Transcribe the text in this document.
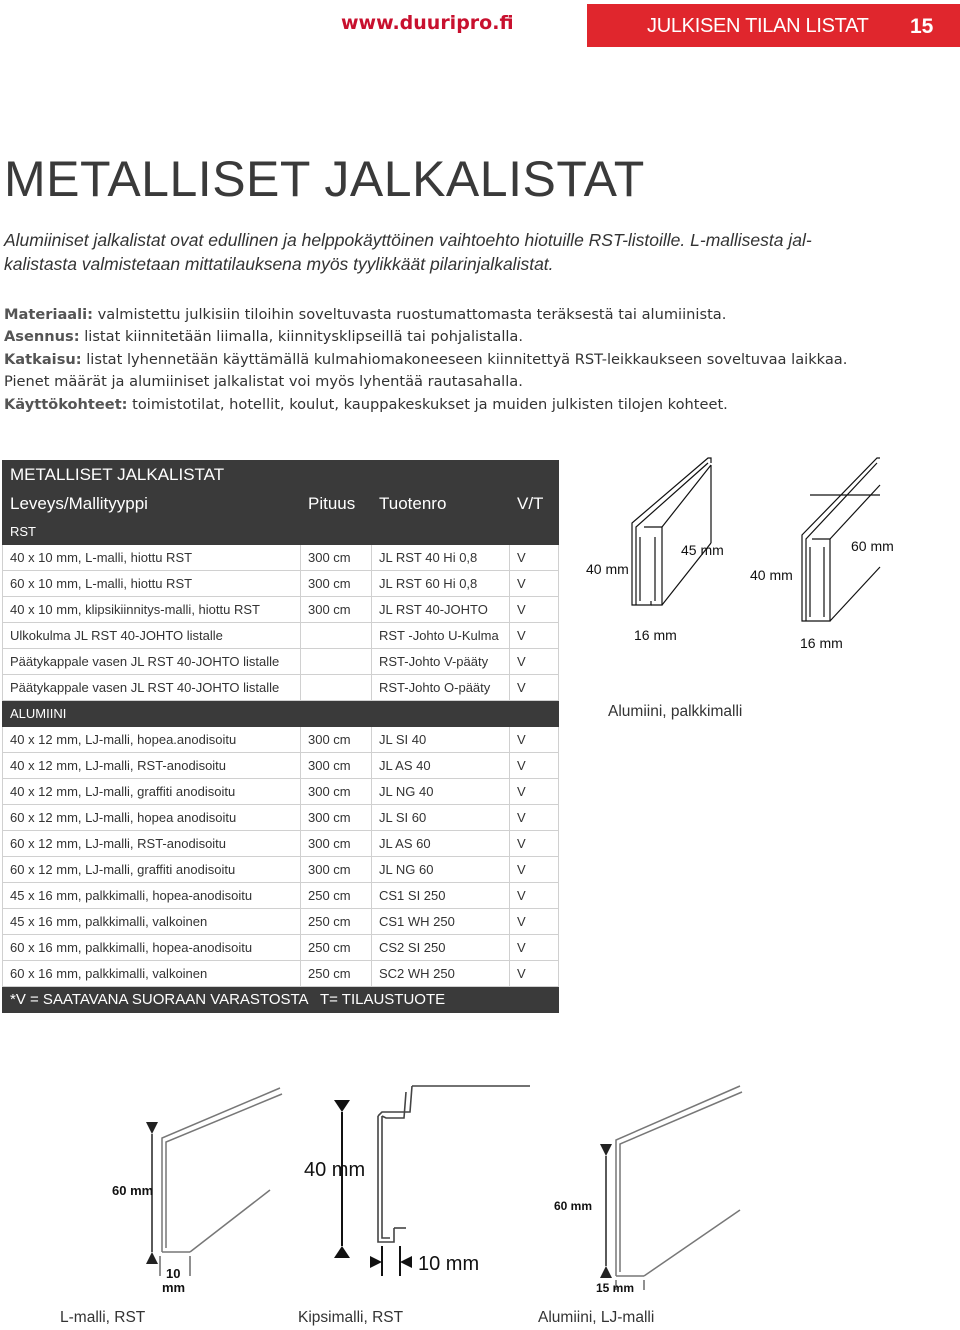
www.duuripro.fi	JULKISEN TILAN LISTAT 15
METALLISET JALKALISTAT
Alumiiniset jalkalistat ovat edullinen ja helppokäyttöinen vaihtoehto hiotuille RST-listoille. L-mallisesta jal-
kalistasta valmistetaan mittatilauksena myös tyylikkäät pilarinjalkalistat.
Materiaali: valmistettu julkisiin tiloihin soveltuvasta ruostumattomasta teräksestä tai alumiinista.
Asennus: listat kiinnitetään liimalla, kiinnitysklipseillä tai pohjalistalla.
Katkaisu: listat lyhennetään käyttämällä kulmahiomakoneeseen kiinnitettyä RST-leikkaukseen soveltuvaa laikkaa.
Pienet määrät ja alumiiniset jalkalistat voi myös lyhentää rautasahalla.
Käyttökohteet: toimistotilat, hotellit, koulut, kauppakeskukset ja muiden julkisten tilojen kohteet.
METALLISET JALKALISTAT			
Leveys/Mallityyppi	Pituus	Tuotenro	V/T
RST			
40 x 10 mm, L-malli, hiottu RST	300 cm	JL RST 40 Hi 0,8	V
60 x 10 mm, L-malli, hiottu RST	300 cm	JL RST 60 Hi 0,8	V
40 x 10 mm, klipsikiinnitys-malli, hiottu RST	300 cm	JL RST 40-JOHTO	V
Ulkokulma JL RST 40-JOHTO listalle		RST -Johto U-Kulma	V
Päätykappale vasen JL RST 40-JOHTO listalle		RST-Johto V-pääty	V
Päätykappale vasen JL RST 40-JOHTO listalle		RST-Johto O-pääty	V
ALUMIINI			
40 x 12 mm, LJ-malli, hopea.anodisoitu	300 cm	JL SI 40	V
40 x 12 mm, LJ-malli, RST-anodisoitu	300 cm	JL AS 40	V
40 x 12 mm, LJ-malli, graffiti anodisoitu	300 cm	JL NG 40	V
60 x 12 mm, LJ-malli, hopea anodisoitu	300 cm	JL SI 60	V
60 x 12 mm, LJ-malli, RST-anodisoitu	300 cm	JL AS 60	V
60 x 12 mm, LJ-malli, graffiti anodisoitu	300 cm	JL NG 60	V
45 x 16 mm, palkkimalli, hopea-anodisoitu	250 cm	CS1 SI 250	V
45 x 16 mm, palkkimalli, valkoinen	250 cm	CS1 WH 250	V
60 x 16 mm, palkkimalli, hopea-anodisoitu	250 cm	CS2 SI 250	V
60 x 16 mm, palkkimalli, valkoinen	250 cm	SC2 WH 250	V
*V = SAATAVANA SUORAAN VARASTOSTA   T= TILAUSTUOTE			
40 mm
45 mm
16 mm
40 mm
60 mm
16 mm
Alumiini, palkkimalli
60 mm
10
mm
L-malli, RST
40 mm
10 mm
Kipsimalli, RST
60 mm
15 mm
Alumiini, LJ-malli
